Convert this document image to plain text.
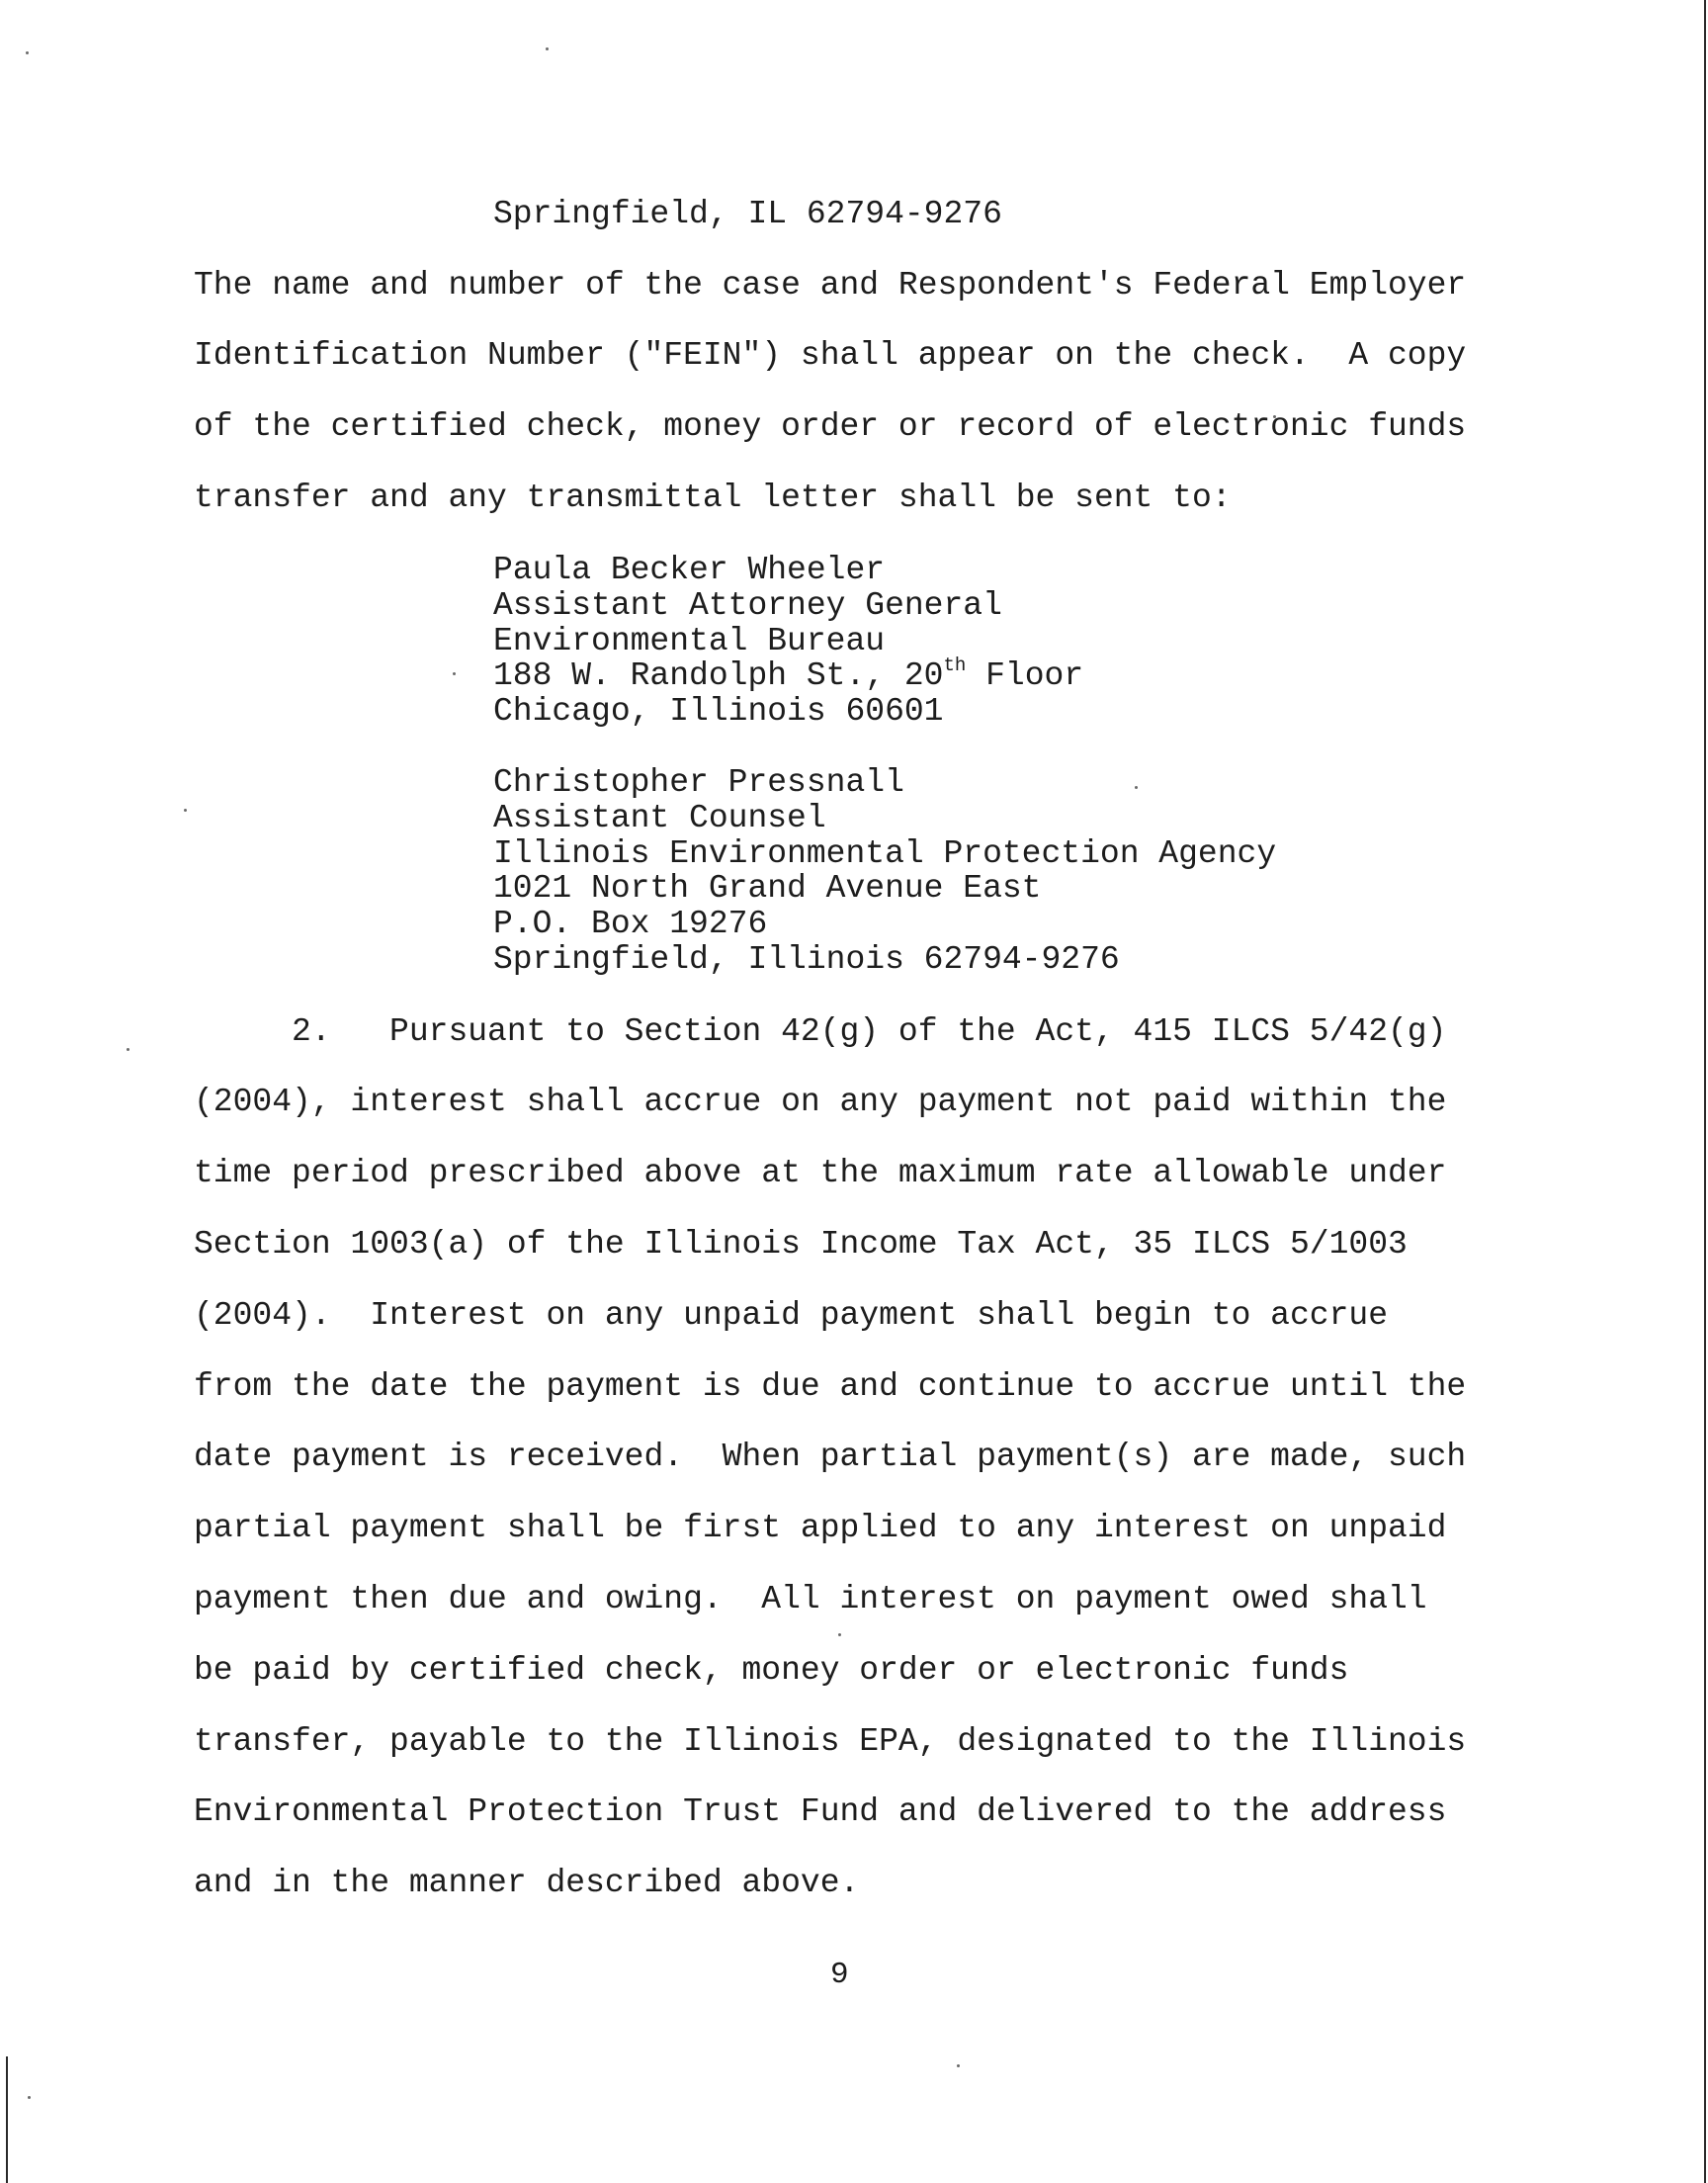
Springfield, IL 62794-9276
The name and number of the case and Respondent's Federal Employer
Identification Number ("FEIN") shall appear on the check.  A copy
of the certified check, money order or record of electronic funds
transfer and any transmittal letter shall be sent to:
Paula Becker Wheeler
Assistant Attorney General
Environmental Bureau
188 W. Randolph St., 20th Floor
Chicago, Illinois 60601
Christopher Pressnall
Assistant Counsel
Illinois Environmental Protection Agency
1021 North Grand Avenue East
P.O. Box 19276
Springfield, Illinois 62794-9276
2.   Pursuant to Section 42(g) of the Act, 415 ILCS 5/42(g)
(2004), interest shall accrue on any payment not paid within the
time period prescribed above at the maximum rate allowable under
Section 1003(a) of the Illinois Income Tax Act, 35 ILCS 5/1003
(2004).  Interest on any unpaid payment shall begin to accrue
from the date the payment is due and continue to accrue until the
date payment is received.  When partial payment(s) are made, such
partial payment shall be first applied to any interest on unpaid
payment then due and owing.  All interest on payment owed shall
be paid by certified check, money order or electronic funds
transfer, payable to the Illinois EPA, designated to the Illinois
Environmental Protection Trust Fund and delivered to the address
and in the manner described above.
9
